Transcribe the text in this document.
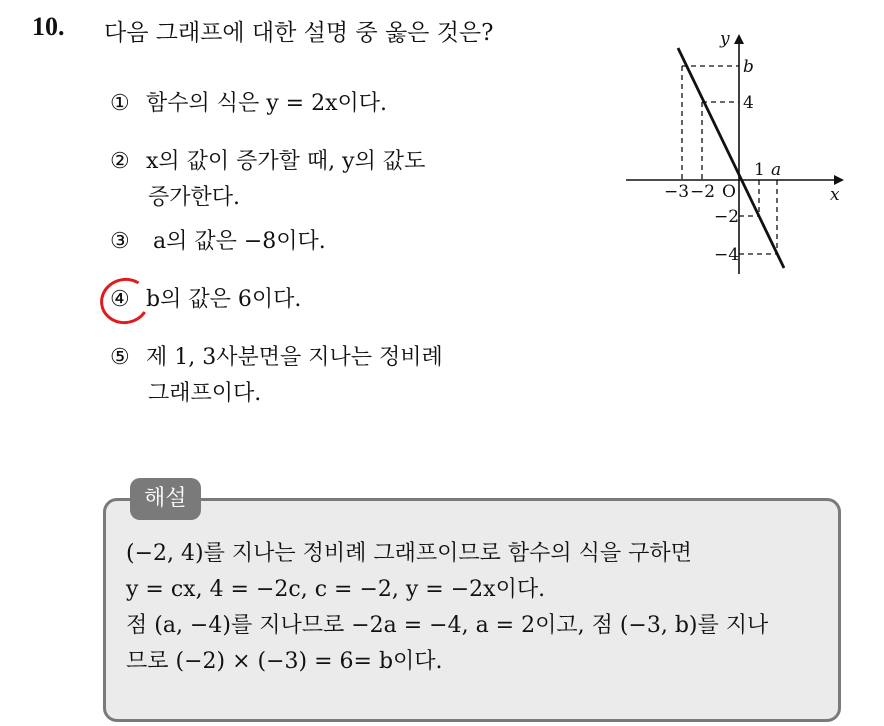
10. 다음 그래프에 대한 설명 중 옳은 것은?
① 함수의 식은 y = 2x이다.
② x의 값이 증가할 때, y의 값도
증가한다.
③ a의 값은 −8이다.
④ b의 값은 6이다.
⑤ 제 1, 3사분면을 지나는 정비례
그래프이다.
y
x
O
b
4
−2
−4
−3 −2
1 a
해설
(−2, 4)를 지나는 정비례 그래프이므로 함수의 식을 구하면
y = cx, 4 = −2c, c = −2, y = −2x이다.
점 (a, −4)를 지나므로 −2a = −4, a = 2이고, 점 (−3, b)를 지나
므로 (−2) × (−3) = 6= b이다.
